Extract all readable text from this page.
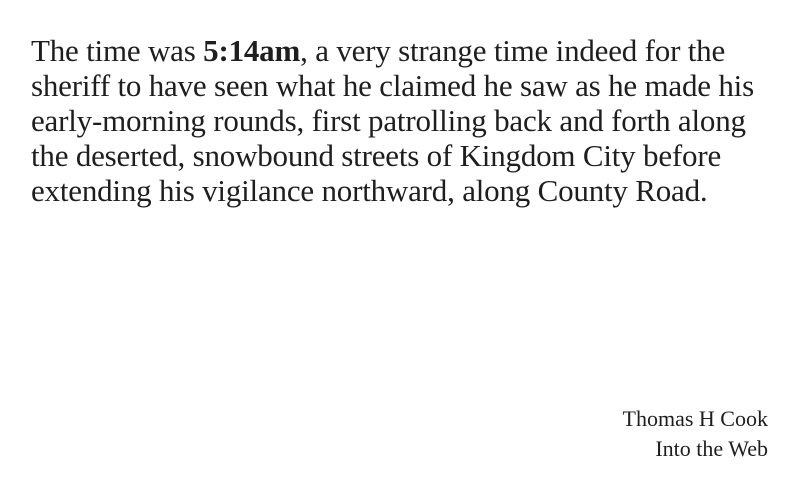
The time was 5:14am, a very strange time indeed for the sheriff to have seen what he claimed he saw as he made his early-morning rounds, first patrolling back and forth along the deserted, snowbound streets of Kingdom City before extending his vigilance northward, along County Road.

Thomas H Cook
Into the Web
